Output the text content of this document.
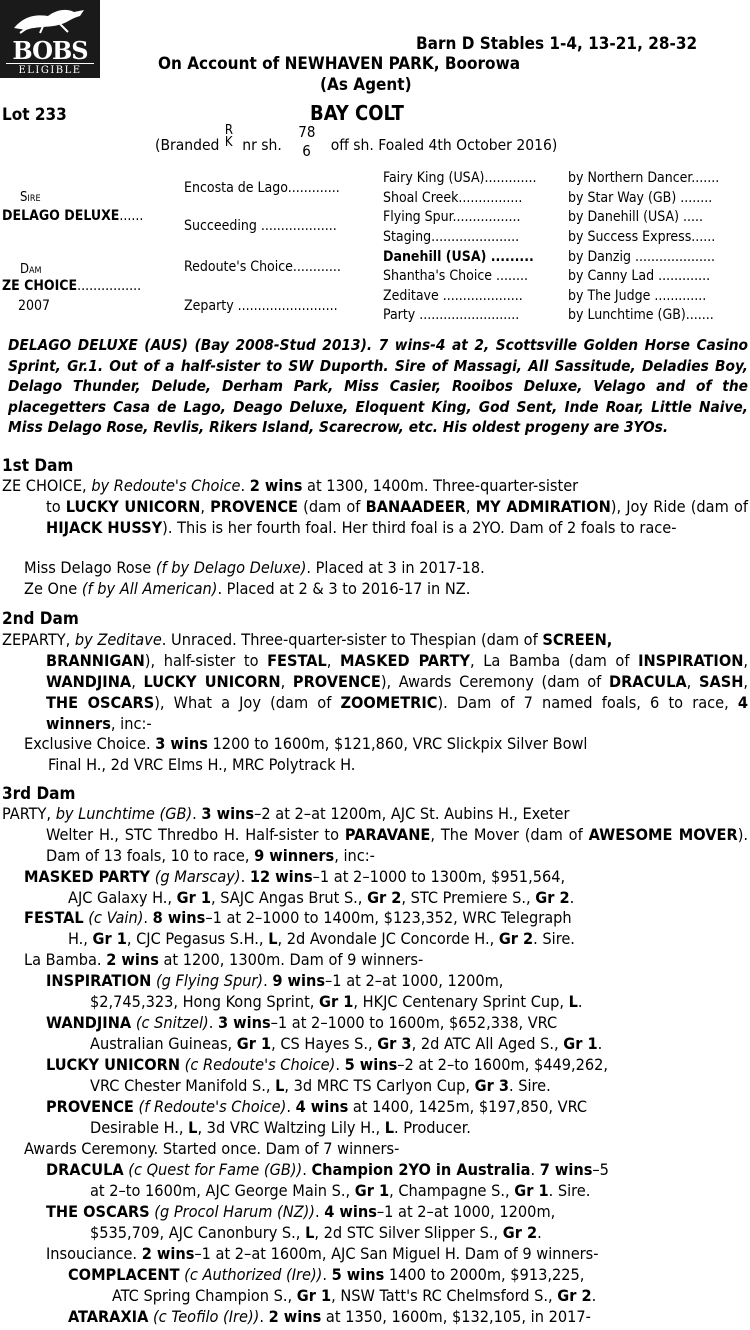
BOBS
ELIGIBLE
Barn D Stables 1-4, 13-21, 28-32
On Account of NEWHAVEN PARK, Boorowa
(As Agent)
Lot 233	BAY COLT
(Branded
R
K nr sh.
78
6 off sh. Foaled 4th October 2016)
Sire
DELAGO DELUXE......
Dam
ZE CHOICE................
2007
Encosta de Lago.............
Succeeding ...................
Redoute's Choice............
Zeparty .........................
Fairy King (USA)............. by Northern Dancer.......
Shoal Creek................	by Star Way (GB) ........
Flying Spur.................	by Danehill (USA) .....
Staging......................	by Success Express......
Danehill (USA) ......... by Danzig ....................
Shantha's Choice ........	by Canny Lad .............
Zeditave ....................	by The Judge .............
Party .........................	by Lunchtime (GB).......
DELAGO DELUXE (AUS) (Bay 2008-Stud 2013). 7 wins-4 at 2, Scottsville Golden Horse Casino Sprint, Gr.1. Out of a half-sister to SW Duporth. Sire of Massagi, All Sassitude, Deladies Boy, Delago Thunder, Delude, Derham Park, Miss Casier, Rooibos Deluxe, Velago and of the placegetters Casa de Lago, Deago Deluxe, Eloquent King, God Sent, Inde Roar, Little Naive, Miss Delago Rose, Revlis, Rikers Island, Scarecrow, etc. His oldest progeny are 3YOs.
1st Dam
ZE CHOICE, by Redoute's Choice. 2 wins at 1300, 1400m. Three-quarter-sister
to LUCKY UNICORN, PROVENCE (dam of BANAADEER, MY ADMIRATION), Joy Ride (dam of HIJACK HUSSY). This is her fourth foal. Her third foal is a 2YO. Dam of 2 foals to race-
Miss Delago Rose (f by Delago Deluxe). Placed at 3 in 2017-18.
Ze One (f by All American). Placed at 2 & 3 to 2016-17 in NZ.
2nd Dam
ZEPARTY, by Zeditave. Unraced. Three-quarter-sister to Thespian (dam of SCREEN,
BRANNIGAN), half-sister to FESTAL, MASKED PARTY, La Bamba (dam of INSPIRATION, WANDJINA, LUCKY UNICORN, PROVENCE), Awards Ceremony (dam of DRACULA, SASH, THE OSCARS), What a Joy (dam of ZOOMETRIC). Dam of 7 named foals, 6 to race, 4 winners, inc:-
Exclusive Choice. 3 wins 1200 to 1600m, $121,860, VRC Slickpix Silver Bowl
Final H., 2d VRC Elms H., MRC Polytrack H.
3rd Dam
PARTY, by Lunchtime (GB). 3 wins–2 at 2–at 1200m, AJC St. Aubins H., Exeter
Welter H., STC Thredbo H. Half-sister to PARAVANE, The Mover (dam of AWESOME MOVER). Dam of 13 foals, 10 to race, 9 winners, inc:-
MASKED PARTY (g Marscay). 12 wins–1 at 2–1000 to 1300m, $951,564,
AJC Galaxy H., Gr 1, SAJC Angas Brut S., Gr 2, STC Premiere S., Gr 2.
FESTAL (c Vain). 8 wins–1 at 2–1000 to 1400m, $123,352, WRC Telegraph
H., Gr 1, CJC Pegasus S.H., L, 2d Avondale JC Concorde H., Gr 2. Sire.
La Bamba. 2 wins at 1200, 1300m. Dam of 9 winners-
INSPIRATION (g Flying Spur). 9 wins–1 at 2–at 1000, 1200m,
$2,745,323, Hong Kong Sprint, Gr 1, HKJC Centenary Sprint Cup, L.
WANDJINA (c Snitzel). 3 wins–1 at 2–1000 to 1600m, $652,338, VRC
Australian Guineas, Gr 1, CS Hayes S., Gr 3, 2d ATC All Aged S., Gr 1.
LUCKY UNICORN (c Redoute's Choice). 5 wins–2 at 2–to 1600m, $449,262,
VRC Chester Manifold S., L, 3d MRC TS Carlyon Cup, Gr 3. Sire.
PROVENCE (f Redoute's Choice). 4 wins at 1400, 1425m, $197,850, VRC
Desirable H., L, 3d VRC Waltzing Lily H., L. Producer.
Awards Ceremony. Started once. Dam of 7 winners-
DRACULA (c Quest for Fame (GB)). Champion 2YO in Australia. 7 wins–5
at 2–to 1600m, AJC George Main S., Gr 1, Champagne S., Gr 1. Sire.
THE OSCARS (g Procol Harum (NZ)). 4 wins–1 at 2–at 1000, 1200m,
$535,709, AJC Canonbury S., L, 2d STC Silver Slipper S., Gr 2.
Insouciance. 2 wins–1 at 2–at 1600m, AJC San Miguel H. Dam of 9 winners-
COMPLACENT (c Authorized (Ire)). 5 wins 1400 to 2000m, $913,225,
ATC Spring Champion S., Gr 1, NSW Tatt's RC Chelmsford S., Gr 2.
ATARAXIA (c Teofilo (Ire)). 2 wins at 1350, 1600m, $132,105, in 2017-
